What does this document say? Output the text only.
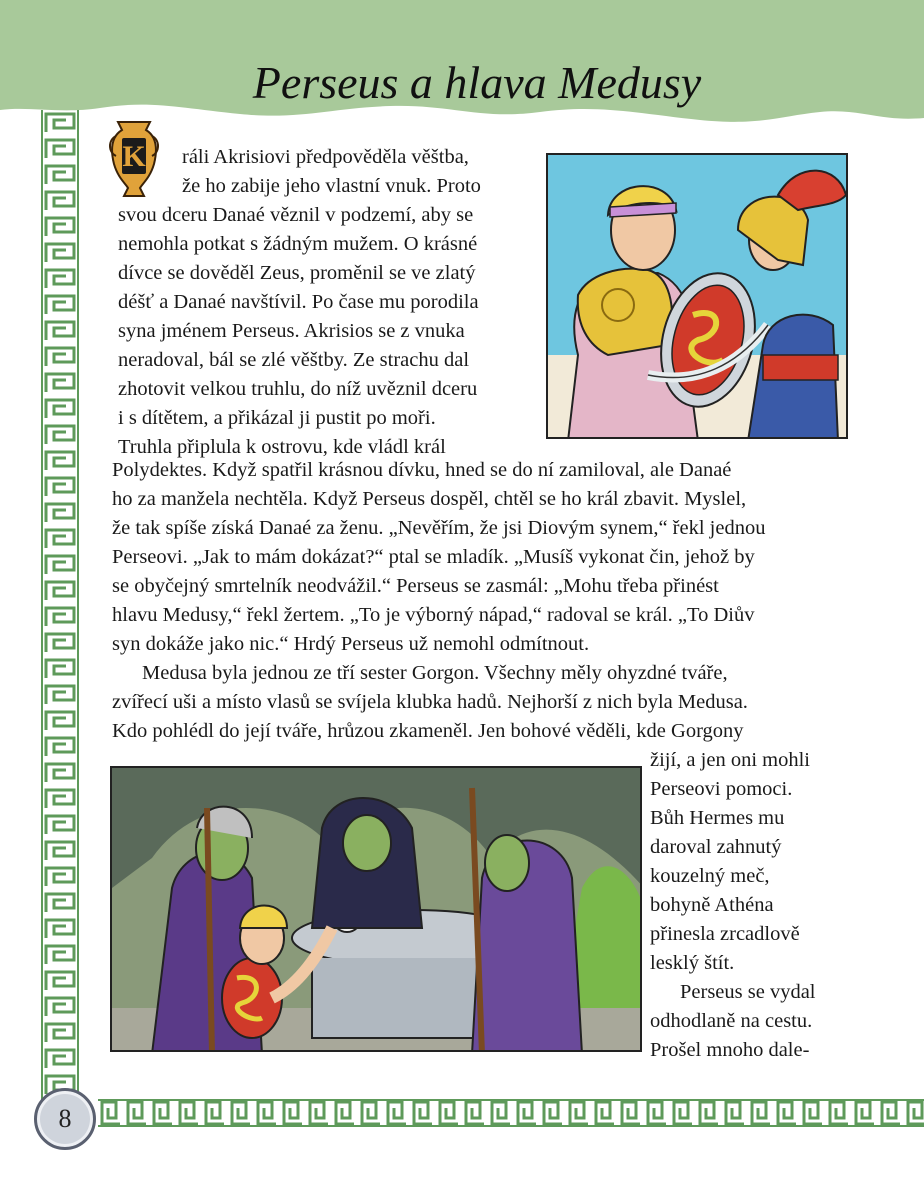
Perseus a hlava Medusy
8
K	ráli Akrisiovi předpověděla věštba,
že ho zabije jeho vlastní vnuk. Proto
svou dceru Danaé věznil v podzemí, aby se
nemohla potkat s žádným mužem. O krásné
dívce se dověděl Zeus, proměnil se ve zlatý
déšť a Danaé navštívil. Po čase mu porodila
syna jménem Perseus. Akrisios se z vnuka
neradoval, bál se zlé věštby. Ze strachu dal
zhotovit velkou truhlu, do níž uvěznil dceru
i s dítětem, a přikázal ji pustit po moři.
Truhla připlula k ostrovu, kde vládl král
Polydektes. Když spatřil krásnou dívku, hned se do ní zamiloval, ale Danaé
ho za manžela nechtěla. Když Perseus dospěl, chtěl se ho král zbavit. Myslel,
že tak spíše získá Danaé za ženu. „Nevěřím, že jsi Diovým synem,“ řekl jednou
Perseovi. „Jak to mám dokázat?“ ptal se mladík. „Musíš vykonat čin, jehož by
se obyčejný smrtelník neodvážil.“ Perseus se zasmál: „Mohu třeba přinést
hlavu Medusy,“ řekl žertem. „To je výborný nápad,“ radoval se král. „To Diův
syn dokáže jako nic.“ Hrdý Perseus už nemohl odmítnout.
Medusa byla jednou ze tří sester Gorgon. Všechny měly ohyzdné tváře,
zvířecí uši a místo vlasů se svíjela klubka hadů. Nejhorší z nich byla Medusa.
Kdo pohlédl do její tváře, hrůzou zkameněl. Jen bohové věděli, kde Gorgony
žijí, a jen oni mohli
Perseovi pomoci.
Bůh Hermes mu
daroval zahnutý
kouzelný meč,
bohyně Athéna
přinesla zrcadlově
lesklý štít.
Perseus se vydal
odhodlaně na cestu.
Prošel mnoho dale-
